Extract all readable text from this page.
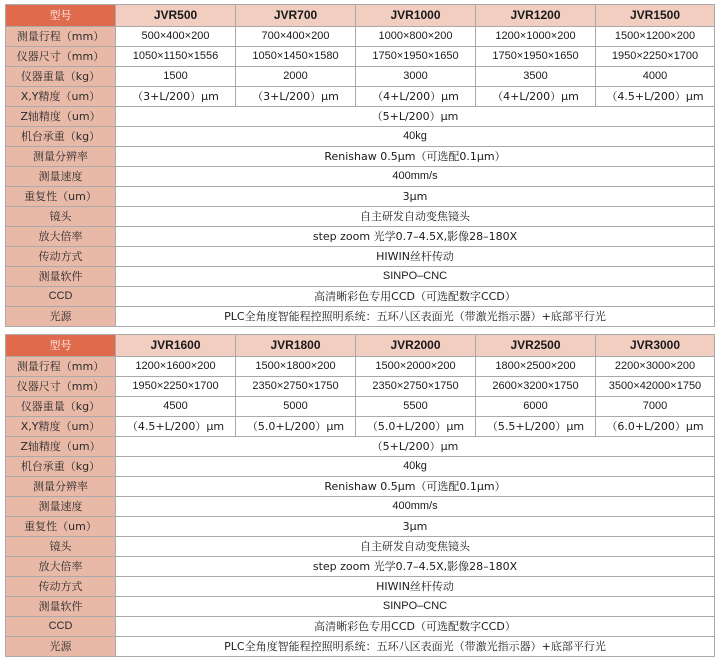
型号	JVR500	JVR700	JVR1000	JVR1200	JVR1500
测量行程（mm）	500×400×200	700×400×200	1000×800×200	1200×1000×200	1500×1200×200
仪器尺寸（mm）	1050×1150×1556	1050×1450×1580	1750×1950×1650	1750×1950×1650	1950×2250×1700
仪器重量（kg）	1500	2000	3000	3500	4000
X,Y精度（um）	（3+L/200）μm	（3+L/200）μm	（4+L/200）μm	（4+L/200）μm	（4.5+L/200）μm
Z轴精度（um）	（5+L/200）μm				
机台承重（kg）	40kg				
测量分辨率	Renishaw 0.5μm（可选配0.1μm）				
测量速度	400mm/s				
重复性（um）	3μm				
镜头	自主研发自动变焦镜头				
放大倍率	step zoom 光学0.7–4.5X,影像28–180X				
传动方式	HIWIN丝杆传动				
测量软件	SINPO–CNC				
CCD	高清晰彩色专用CCD（可选配数字CCD）				
光源	PLC全角度智能程控照明系统：五环八区表面光（带激光指示器）+底部平行光				
型号	JVR1600	JVR1800	JVR2000	JVR2500	JVR3000
测量行程（mm）	1200×1600×200	1500×1800×200	1500×2000×200	1800×2500×200	2200×3000×200
仪器尺寸（mm）	1950×2250×1700	2350×2750×1750	2350×2750×1750	2600×3200×1750	3500×42000×1750
仪器重量（kg）	4500	5000	5500	6000	7000
X,Y精度（um）	（4.5+L/200）μm	（5.0+L/200）μm	（5.0+L/200）μm	（5.5+L/200）μm	（6.0+L/200）μm
Z轴精度（um）	（5+L/200）μm				
机台承重（kg）	40kg				
测量分辨率	Renishaw 0.5μm（可选配0.1μm）				
测量速度	400mm/s				
重复性（um）	3μm				
镜头	自主研发自动变焦镜头				
放大倍率	step zoom 光学0.7–4.5X,影像28–180X				
传动方式	HIWIN丝杆传动				
测量软件	SINPO–CNC				
CCD	高清晰彩色专用CCD（可选配数字CCD）				
光源	PLC全角度智能程控照明系统：五环八区表面光（带激光指示器）+底部平行光				
